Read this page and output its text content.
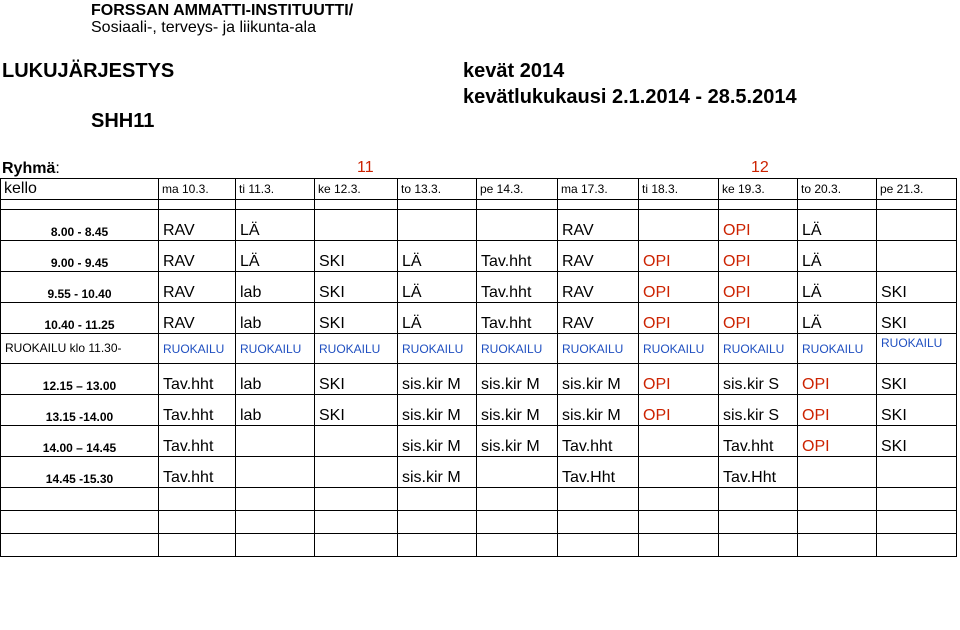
FORSSAN AMMATTI-INSTITUUTTI/
Sosiaali-, terveys- ja liikunta-ala
LUKUJÄRJESTYS
SHH11
kevät 2014
kevätlukukausi 2.1.2014 - 28.5.2014
Ryhmä:	11	12
kello	ma 10.3.	ti 11.3.	ke 12.3.	to 13.3.	pe 14.3.	ma 17.3.	ti 18.3.	ke 19.3.	to 20.3.	pe 21.3.

8.00 - 8.45	RAV	LÄ				RAV		OPI	LÄ	
9.00 - 9.45	RAV	LÄ	SKI	LÄ	Tav.hht	RAV	OPI	OPI	LÄ	
9.55 - 10.40	RAV	lab	SKI	LÄ	Tav.hht	RAV	OPI	OPI	LÄ	SKI
10.40 - 11.25	RAV	lab	SKI	LÄ	Tav.hht	RAV	OPI	OPI	LÄ	SKI
RUOKAILU klo 11.30-	RUOKAILU	RUOKAILU	RUOKAILU	RUOKAILU	RUOKAILU	RUOKAILU	RUOKAILU	RUOKAILU	RUOKAILU	RUOKAILU
12.15 – 13.00	Tav.hht	lab	SKI	sis.kir M	sis.kir M	sis.kir M	OPI	sis.kir S	OPI	SKI
13.15 -14.00	Tav.hht	lab	SKI	sis.kir M	sis.kir M	sis.kir M	OPI	sis.kir S	OPI	SKI
14.00 – 14.45	Tav.hht			sis.kir M	sis.kir M	Tav.hht		Tav.hht	OPI	SKI
14.45 -15.30	Tav.hht			sis.kir M		Tav.Hht		Tav.Hht		
